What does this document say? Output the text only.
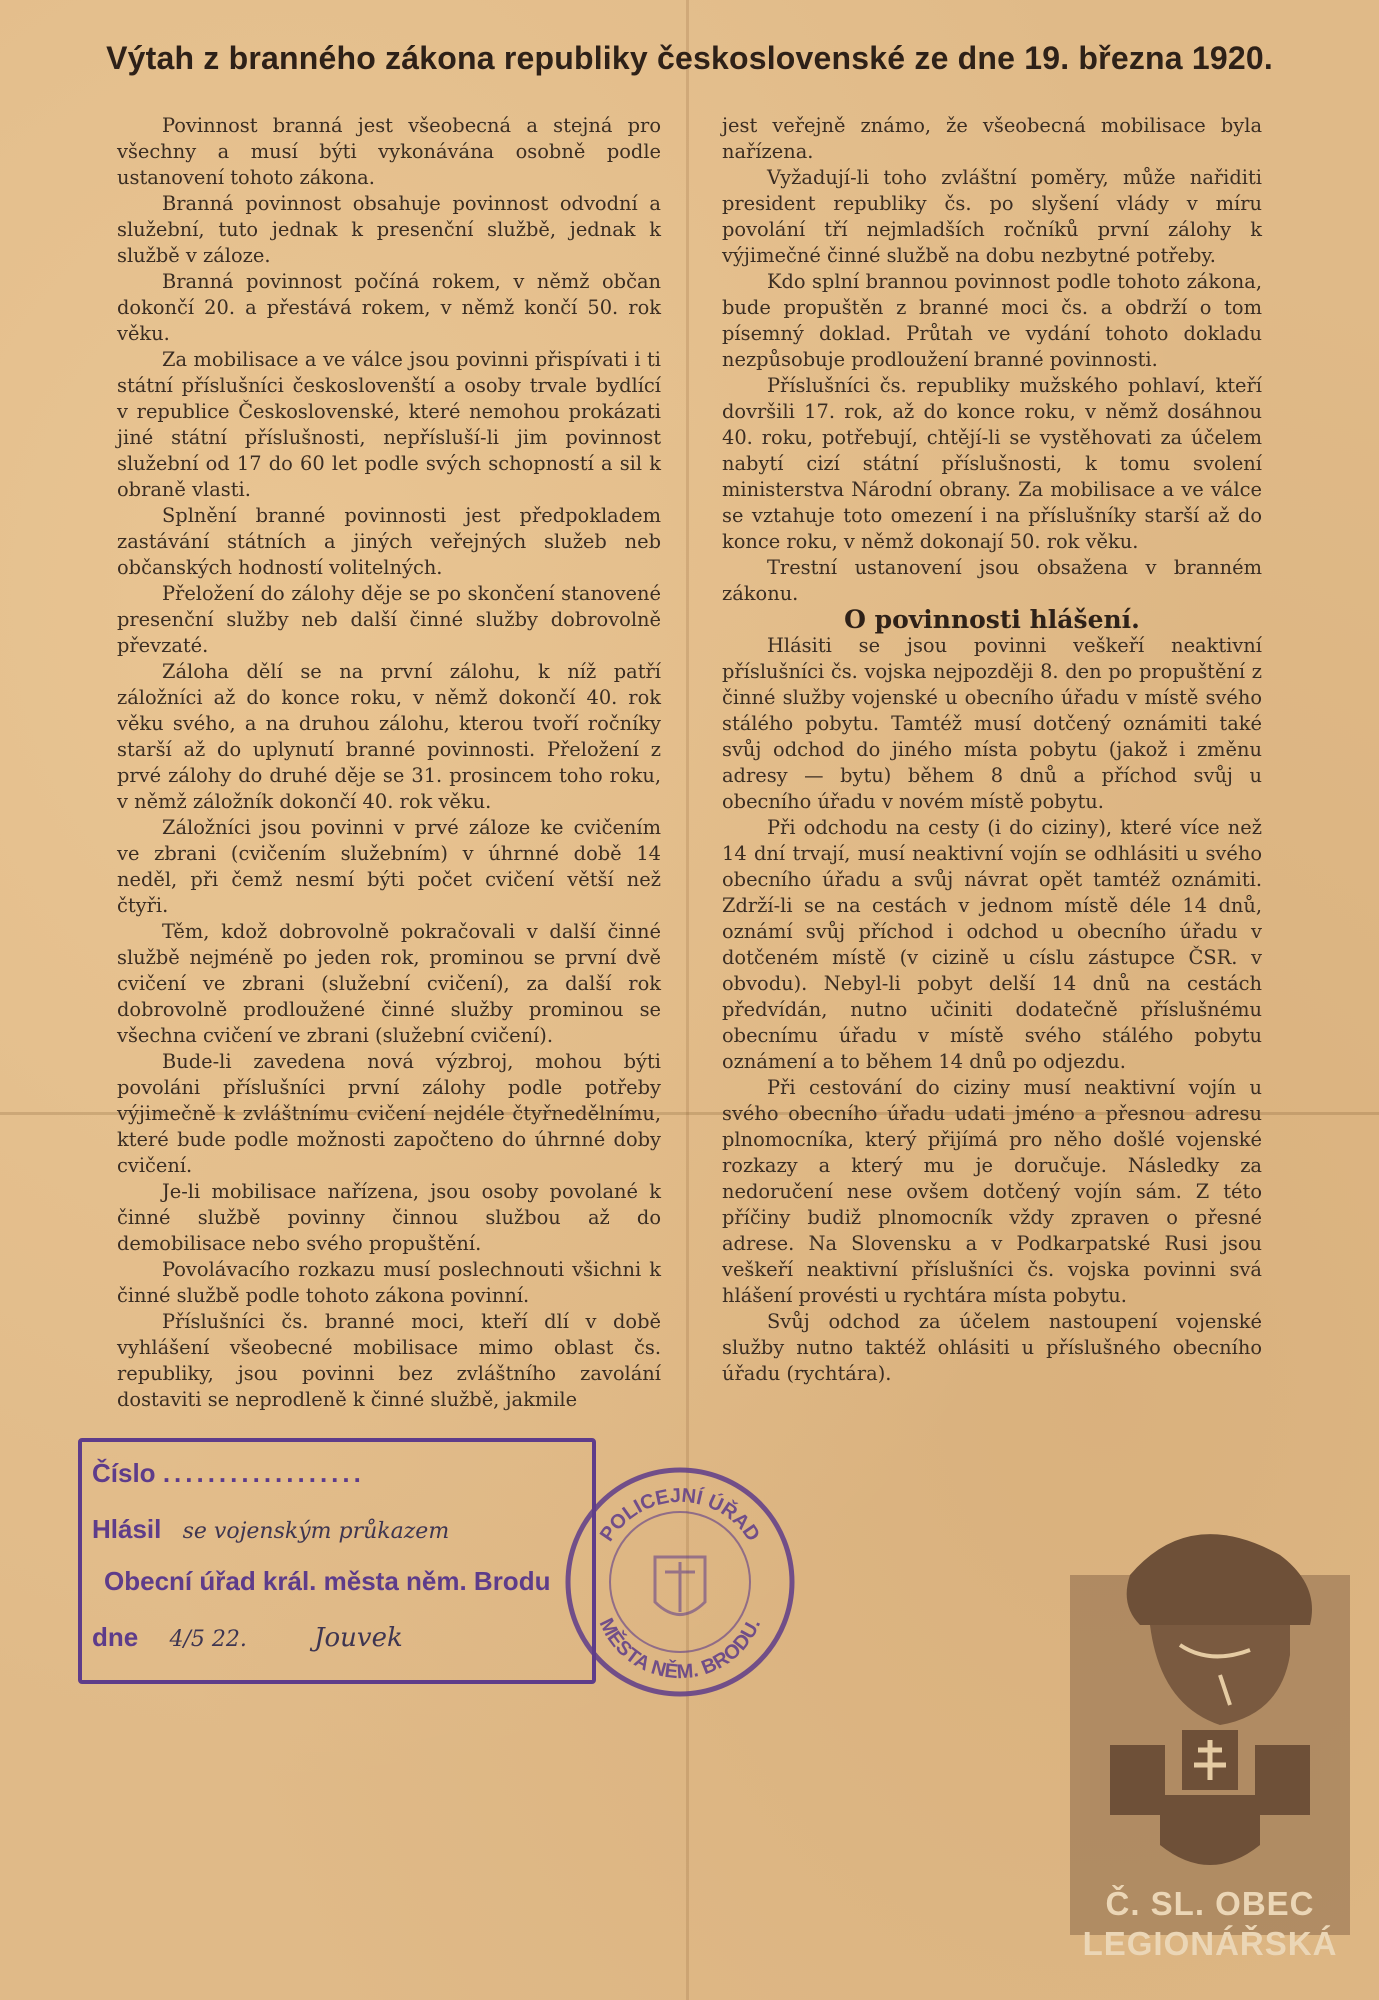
Výtah z branného zákona republiky československé ze dne 19. března 1920.

Povinnost branná jest všeobecná a stejná pro všechny a musí býti vykonávána osobně podle ustanovení tohoto zákona.

Branná povinnost obsahuje povinnost odvodní a služební, tuto jednak k presenční službě, jednak k službě v záloze.

Branná povinnost počíná rokem, v němž občan dokončí 20. a přestává rokem, v němž končí 50. rok věku.

Za mobilisace a ve válce jsou povinni přispívati i ti státní příslušníci českoslovenští a osoby trvale bydlící v republice Československé, které nemohou prokázati jiné státní příslušnosti, nepřísluší-li jim povinnost služební od 17 do 60 let podle svých schopností a sil k obraně vlasti.

Splnění branné povinnosti jest předpokladem zastávání státních a jiných veřejných služeb neb občanských hodností volitelných.

Přeložení do zálohy děje se po skončení stanovené presenční služby neb další činné služby dobrovolně převzaté.

Záloha dělí se na první zálohu, k níž patří záložníci až do konce roku, v němž dokončí 40. rok věku svého, a na druhou zálohu, kterou tvoří ročníky starší až do uplynutí branné povinnosti. Přeložení z prvé zálohy do druhé děje se 31. prosincem toho roku, v němž záložník dokončí 40. rok věku.

Záložníci jsou povinni v prvé záloze ke cvičením ve zbrani (cvičením služebním) v úhrnné době 14 neděl, při čemž nesmí býti počet cvičení větší než čtyři.

Těm, kdož dobrovolně pokračovali v další činné službě nejméně po jeden rok, prominou se první dvě cvičení ve zbrani (služební cvičení), za další rok dobrovolně prodloužené činné služby prominou se všechna cvičení ve zbrani (služební cvičení).

Bude-li zavedena nová výzbroj, mohou býti povoláni příslušníci první zálohy podle potřeby výjimečně k zvláštnímu cvičení nejdéle čtyřnedělnímu, které bude podle možnosti započteno do úhrnné doby cvičení.

Je-li mobilisace nařízena, jsou osoby povolané k činné službě povinny činnou službou až do demobilisace nebo svého propuštění.

Povolávacího rozkazu musí poslechnouti všichni k činné službě podle tohoto zákona povinní.

Příslušníci čs. branné moci, kteří dlí v době vyhlášení všeobecné mobilisace mimo oblast čs. republiky, jsou povinni bez zvláštního zavolání dostaviti se neprodleně k činné službě, jakmile

jest veřejně známo, že všeobecná mobilisace byla nařízena.

Vyžadují-li toho zvláštní poměry, může nařiditi president republiky čs. po slyšení vlády v míru povolání tří nejmladších ročníků první zálohy k výjimečné činné službě na dobu nezbytné potřeby.

Kdo splní brannou povinnost podle tohoto zákona, bude propuštěn z branné moci čs. a obdrží o tom písemný doklad. Průtah ve vydání tohoto dokladu nezpůsobuje prodloužení branné povinnosti.

Příslušníci čs. republiky mužského pohlaví, kteří dovršili 17. rok, až do konce roku, v němž dosáhnou 40. roku, potřebují, chtějí-li se vystěhovati za účelem nabytí cizí státní příslušnosti, k tomu svolení ministerstva Národní obrany. Za mobilisace a ve válce se vztahuje toto omezení i na příslušníky starší až do konce roku, v němž dokonají 50. rok věku.

Trestní ustanovení jsou obsažena v branném zákonu.

O povinnosti hlášení.

Hlásiti se jsou povinni veškeří neaktivní příslušníci čs. vojska nejpozději 8. den po propuštění z činné služby vojenské u obecního úřadu v místě svého stálého pobytu. Tamtéž musí dotčený oznámiti také svůj odchod do jiného místa pobytu (jakož i změnu adresy — bytu) během 8 dnů a příchod svůj u obecního úřadu v novém místě pobytu.

Při odchodu na cesty (i do ciziny), které více než 14 dní trvají, musí neaktivní vojín se odhlásiti u svého obecního úřadu a svůj návrat opět tamtéž oznámiti. Zdrží-li se na cestách v jednom místě déle 14 dnů, oznámí svůj příchod i odchod u obecního úřadu v dotčeném místě (v cizině u císlu zástupce ČSR. v obvodu). Nebyl-li pobyt delší 14 dnů na cestách předvídán, nutno učiniti dodatečně příslušnému obecnímu úřadu v místě svého stálého pobytu oznámení a to během 14 dnů po odjezdu.

Při cestování do ciziny musí neaktivní vojín u svého obecního úřadu udati jméno a přesnou adresu plnomocníka, který přijímá pro něho došlé vojenské rozkazy a který mu je doručuje. Následky za nedoručení nese ovšem dotčený vojín sám. Z této příčiny budiž plnomocník vždy zpraven o přesné adrese. Na Slovensku a v Podkarpatské Rusi jsou veškeří neaktivní příslušníci čs. vojska povinni svá hlášení provésti u rychtára místa pobytu.

Svůj odchod za účelem nastoupení vojenské služby nutno taktéž ohlásiti u příslušného obecního úřadu (rychtára).

Číslo ..................
Hlásil se vojenským průkazem
Obecní úřad král. města něm. Brodu
dne 4/5 22.	Jouvek
POLICEJNÍ ÚŘAD
MĚSTA NĚM. BRODU.
Č. SL. OBEC
LEGIONÁŘSKÁ
